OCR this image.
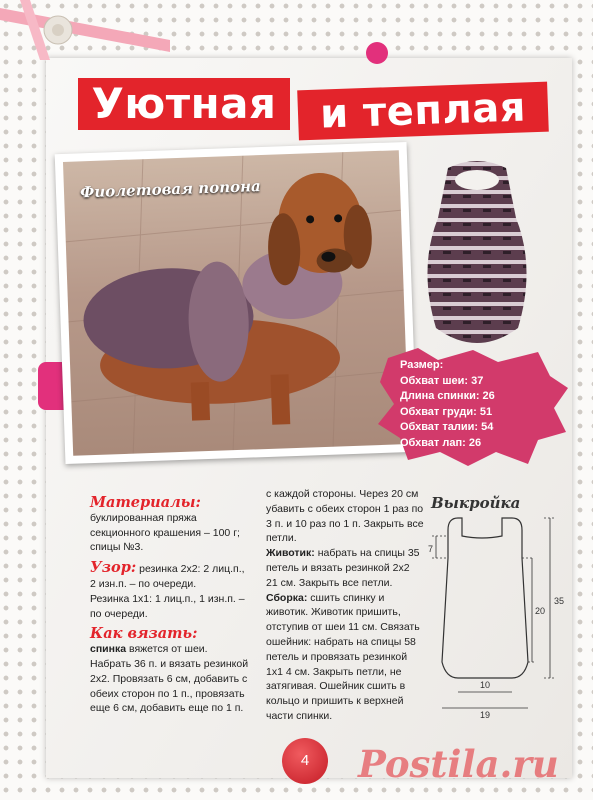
Уютная	и теплая
Фиолетовая попона
Размер:
Обхват шеи: 37
Длина спинки: 26
Обхват груди: 51
Обхват талии: 54
Обхват лап: 26
Материалы:
буклированная пряжа секционного крашения – 100 г; спицы №3.
Узор: резинка 2х2: 2 лиц.п., 2 изн.п. – по очереди.
Резинка 1х1: 1 лиц.п., 1 изн.п. – по очереди.
Как вязать:
спинка вяжется от шеи. Набрать 36 п. и вязать резинкой 2х2. Провязать 6 см, добавить с обеих сторон по 1 п., провязать еще 6 см, добавить еще по 1 п.
с каждой стороны. Через 20 см убавить с обеих сторон 1 раз по 3 п. и 10 раз по 1 п. Закрыть все петли.
Животик: набрать на спицы 35 петель и вязать резинкой 2х2 21 см. Закрыть все петли.
Сборка: сшить спинку и животик. Животик пришить, отступив от шеи 11 см. Связать ошейник: набрать на спицы 58 петель и провязать резинкой 1х1 4 см. Закрыть петли, не затягивая. Ошейник сшить в кольцо и пришить к верхней части спинки.
Выкройка
7
20
35
10
19
4	Postila.ru
